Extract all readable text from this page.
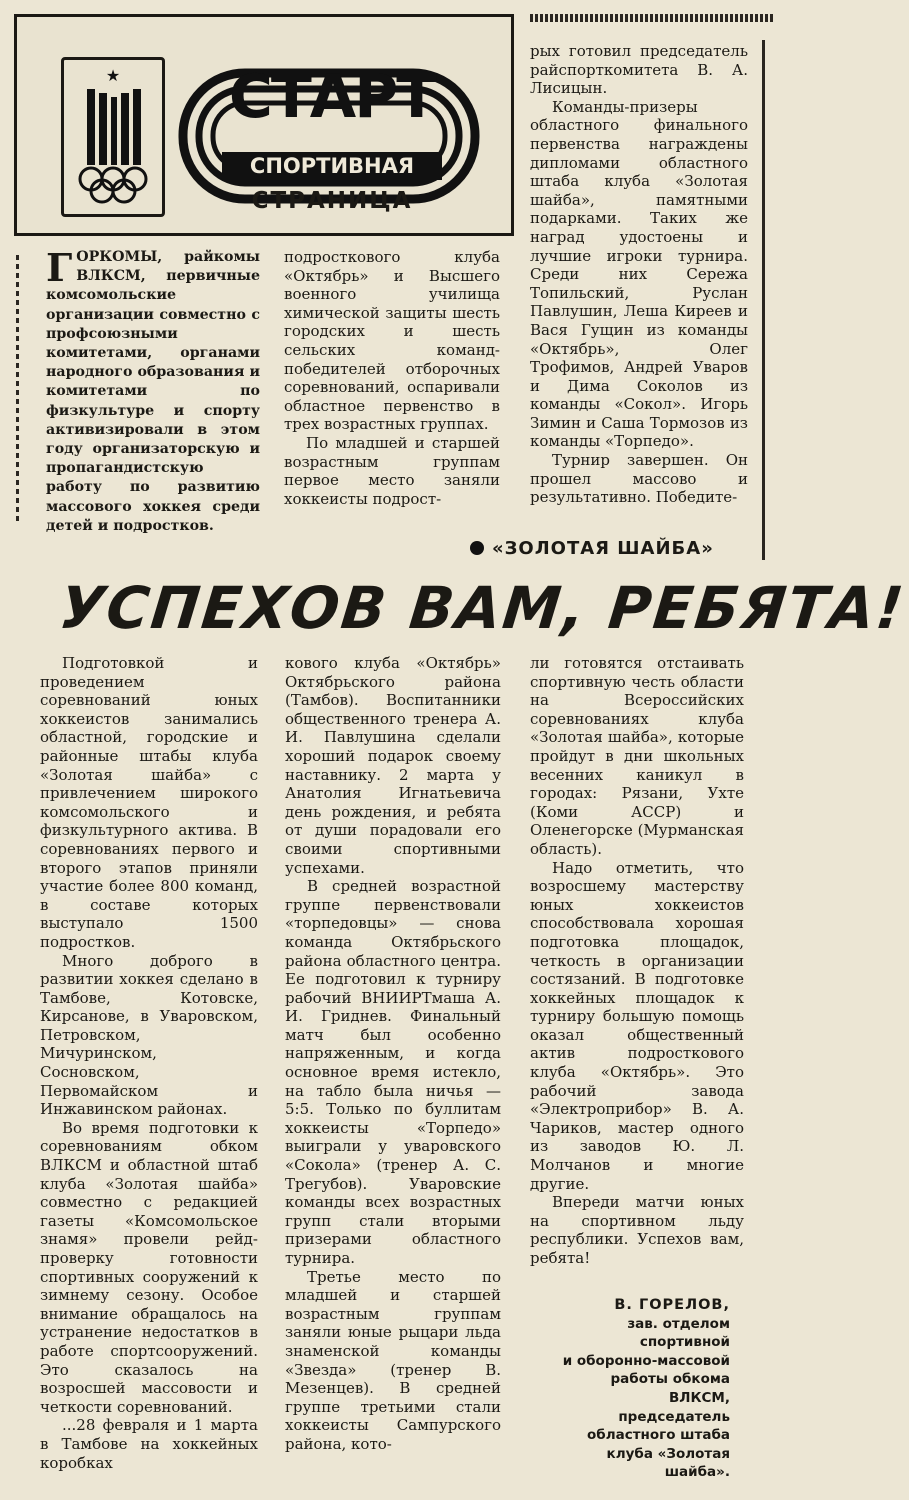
★	СТАРТ
СПОРТИВНАЯ
СТРАНИЦА
Г ОРКОМЫ, райкомы ВЛКСМ, первичные комсомольские организации совместно с профсоюзными комитетами, органами народного образования и комитетами по физкультуре и спорту активизировали в этом году организаторскую и пропагандистскую работу по развитию массового хоккея среди детей и подростков.

подросткового клуба «Октябрь» и Высшего военного училища химической защиты шесть городских и шесть сельских команд-победителей отборочных соревнований, оспаривали областное первенство в трех возрастных группах.

По младшей и старшей возрастным группам первое место заняли хоккеисты подрост-

рых готовил председатель райспорткомитета В. А. Лисицын.

Команды-призеры областного финального первенства награждены дипломами областного штаба клуба «Золотая шайба», памятными подарками. Таких же наград удостоены и лучшие игроки турнира. Среди них Сережа Топильский, Руслан Павлушин, Леша Киреев и Вася Гущин из команды «Октябрь», Олег Трофимов, Андрей Уваров и Дима Соколов из команды «Сокол». Игорь Зимин и Саша Тормозов из команды «Торпедо».

Турнир завершен. Он прошел массово и результативно. Победите-

«ЗОЛОТАЯ ШАЙБА»
УСПЕХОВ ВАМ, РЕБЯТА!

Подготовкой и проведением соревнований юных хоккеистов занимались областной, городские и районные штабы клуба «Золотая шайба» с привлечением широкого комсомольского и физкультурного актива. В соревнованиях первого и второго этапов приняли участие более 800 команд, в составе которых выступало 1500 подростков.

Много доброго в развитии хоккея сделано в Тамбове, Котовске, Кирсанове, в Уваровском, Петровском, Мичуринском, Сосновском, Первомайском и Инжавинском районах.

Во время подготовки к соревнованиям обком ВЛКСМ и областной штаб клуба «Золотая шайба» совместно с редакцией газеты «Комсомольское знамя» провели рейд-проверку готовности спортивных сооружений к зимнему сезону. Особое внимание обращалось на устранение недостатков в работе спортсооружений. Это сказалось на возросшей массовости и четкости соревнований.

...28 февраля и 1 марта в Тамбове на хоккейных коробках

кового клуба «Октябрь» Октябрьского района (Тамбов). Воспитанники общественного тренера А. И. Павлушина сделали хороший подарок своему наставнику. 2 марта у Анатолия Игнатьевича день рождения, и ребята от души порадовали его своими спортивными успехами.

В средней возрастной группе первенствовали «торпедовцы» — снова команда Октябрьского района областного центра. Ее подготовил к турниру рабочий ВНИИРТмаша А. И. Гриднев. Финальный матч был особенно напряженным, и когда основное время истекло, на табло была ничья — 5:5. Только по буллитам хоккеисты «Торпедо» выиграли у уваровского «Сокола» (тренер А. С. Трегубов). Уваровские команды всех возрастных групп стали вторыми призерами областного турнира.

Третье место по младшей и старшей возрастным группам заняли юные рыцари льда знаменской команды «Звезда» (тренер В. Мезенцев). В средней группе третьими стали хоккеисты Сампурского района, кото-

ли готовятся отстаивать спортивную честь области на Всероссийских соревнованиях клуба «Золотая шайба», которые пройдут в дни школьных весенних каникул в городах: Рязани, Ухте (Коми АССР) и Оленегорске (Мурманская область).

Надо отметить, что возросшему мастерству юных хоккеистов способствовала хорошая подготовка площадок, четкость в организации состязаний. В подготовке хоккейных площадок к турниру большую помощь оказал общественный актив подросткового клуба «Октябрь». Это рабочий завода «Электроприбор» В. А. Чариков, мастер одного из заводов Ю. Л. Молчанов и многие другие.

Впереди матчи юных на спортивном льду республики. Успехов вам, ребята!

В. ГОРЕЛОВ,
зав. отделом
спортивной
и оборонно-массовой
работы обкома
ВЛКСМ,
председатель
областного штаба
клуба «Золотая
шайба».
